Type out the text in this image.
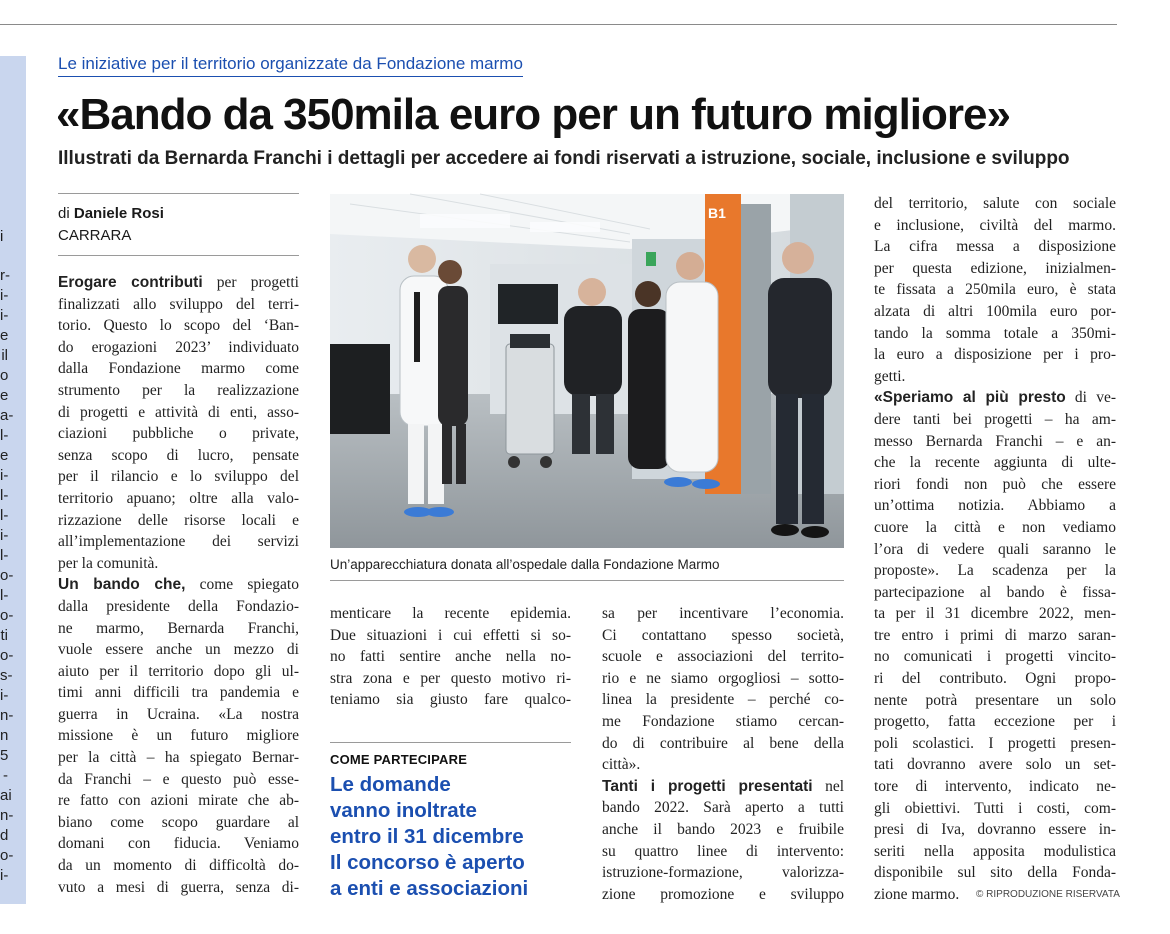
r-
i-
i-
e
il
o
e
a-
l-
e
i-
l-
l-
i-
l-
o-
l-
o-
ti
o-
s-
i-
n-
n
5
-
ai
n-
d
o-
i-
i
Le iniziative per il territorio organizzate da Fondazione marmo
«Bando da 350mila euro per un futuro migliore»
Illustrati da Bernarda Franchi i dettagli per accedere ai fondi riservati a istruzione, sociale, inclusione e sviluppo
di Daniele Rosi
CARRARA
Erogare contributi per progetti
finalizzati allo sviluppo del terri-
torio. Questo lo scopo del ‘Ban-
do erogazioni 2023’ individuato
dalla Fondazione marmo come
strumento per la realizzazione
di progetti e attività di enti, asso-
ciazioni pubbliche o private,
senza scopo di lucro, pensate
per il rilancio e lo sviluppo del
territorio apuano; oltre alla valo-
rizzazione delle risorse locali e
all’implementazione dei servizi
per la comunità.
Un bando che, come spiegato
dalla presidente della Fondazio-
ne marmo, Bernarda Franchi,
vuole essere anche un mezzo di
aiuto per il territorio dopo gli ul-
timi anni difficili tra pandemia e
guerra in Ucraina. «La nostra
missione è un futuro migliore
per la città – ha spiegato Bernar-
da Franchi – e questo può esse-
re fatto con azioni mirate che ab-
biano come scopo guardare al
domani con fiducia. Veniamo
da un momento di difficoltà do-
vuto a mesi di guerra, senza di-
B1
Un’apparecchiatura donata all’ospedale dalla Fondazione Marmo
menticare la recente epidemia.
Due situazioni i cui effetti si so-
no fatti sentire anche nella no-
stra zona e per questo motivo ri-
teniamo sia giusto fare qualco-
COME PARTECIPARE
Le domande
vanno inoltrate
entro il 31 dicembre
Il concorso è aperto
a enti e associazioni
sa per incentivare l’economia.
Ci contattano spesso società,
scuole e associazioni del territo-
rio e ne siamo orgogliosi – sotto-
linea la presidente – perché co-
me Fondazione stiamo cercan-
do di contribuire al bene della
città».
Tanti i progetti presentati nel
bando 2022. Sarà aperto a tutti
anche il bando 2023 e fruibile
su quattro linee di intervento:
istruzione-formazione, valorizza-
zione promozione e sviluppo
del territorio, salute con sociale
e inclusione, civiltà del marmo.
La cifra messa a disposizione
per questa edizione, inizialmen-
te fissata a 250mila euro, è stata
alzata di altri 100mila euro por-
tando la somma totale a 350mi-
la euro a disposizione per i pro-
getti.
«Speriamo al più presto di ve-
dere tanti bei progetti – ha am-
messo Bernarda Franchi – e an-
che la recente aggiunta di ulte-
riori fondi non può che essere
un’ottima notizia. Abbiamo a
cuore la città e non vediamo
l’ora di vedere quali saranno le
proposte». La scadenza per la
partecipazione al bando è fissa-
ta per il 31 dicembre 2022, men-
tre entro i primi di marzo saran-
no comunicati i progetti vincito-
ri del contributo. Ogni propo-
nente potrà presentare un solo
progetto, fatta eccezione per i
poli scolastici. I progetti presen-
tati dovranno avere solo un set-
tore di intervento, indicato ne-
gli obiettivi. Tutti i costi, com-
presi di Iva, dovranno essere in-
seriti nella apposita modulistica
disponibile sul sito della Fonda-
zione marmo.	© RIPRODUZIONE RISERVATA
